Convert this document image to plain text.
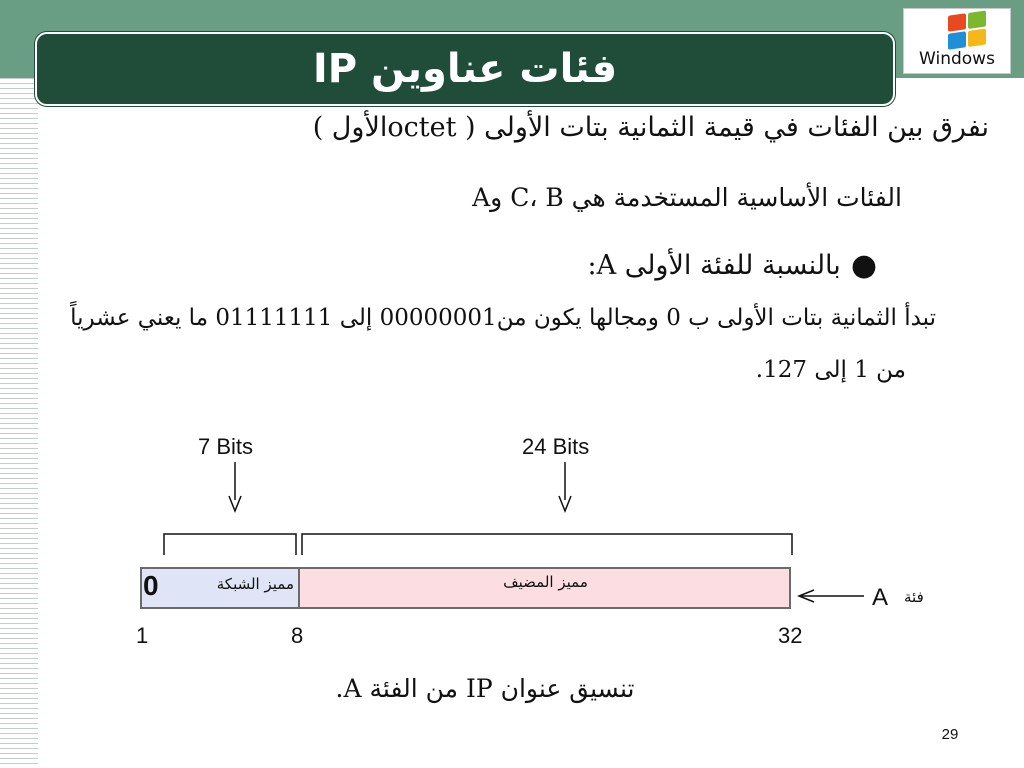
فئات عناوين IP	Windows
نفرق بين الفئات في قيمة الثمانية بتات الأولى ( octetالأول )
الفئات الأساسية المستخدمة هي C، B وA
●
بالنسبة للفئة الأولى A:
تبدأ الثمانية بتات الأولى ب 0 ومجالها يكون من00000001 إلى 01111111 ما يعني عشرياً
من 1 إلى 127.
7 Bits	24 Bits
0	مميز الشبكة	مميز المضيف
1	8	32
A فئة
تنسيق عنوان IP من الفئة A.
29
